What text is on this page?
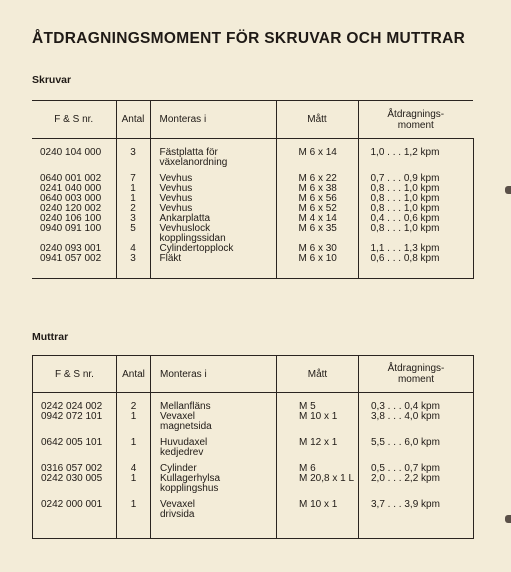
ÅTDRAGNINGSMOMENT FÖR SKRUVAR OCH MUTTRAR
Skruvar
F & S nr.	Antal	Monteras i	Mått	Åtdragnings-
moment

0240 104 000	3	Fästplatta för	M 6 x 14	1,0 . . . 1,2 kpm
		växelanordning		

0640 001 002	7	Vevhus	M 6 x 22	0,7 . . . 0,9 kpm
0241 040 000	1	Vevhus	M 6 x 38	0,8 . . . 1,0 kpm
0640 003 000	1	Vevhus	M 6 x 56	0,8 . . . 1,0 kpm
0240 120 002	2	Vevhus	M 6 x 52	0,8 . . . 1,0 kpm
0240 106 100	3	Ankarplatta	M 4 x 14	0,4 . . . 0,6 kpm
0940 091 100	5	Vevhuslock	M 6 x 35	0,8 . . . 1,0 kpm
		kopplingssidan		
0240 093 001	4	Cylindertopplock	M 6 x 30	1,1 . . . 1,3 kpm
0941 057 002	3	Fläkt	M 6 x 10	0,6 . . . 0,8 kpm

Muttrar
F & S nr.	Antal	Monteras i	Mått	Åtdragnings-
moment

0242 024 002	2	Mellanfläns	M 5	0,3 . . . 0,4 kpm
0942 072 101	1	Vevaxel	M 10 x 1	3,8 . . . 4,0 kpm
		magnetsida		

0642 005 101	1	Huvudaxel	M 12 x 1	5,5 . . . 6,0 kpm
		kedjedrev		

0316 057 002	4	Cylinder	M 6	0,5 . . . 0,7 kpm
0242 030 005	1	Kullagerhylsa	M 20,8 x 1 L	2,0 . . . 2,2 kpm
		kopplingshus		

0242 000 001	1	Vevaxel	M 10 x 1	3,7 . . . 3,9 kpm
		drivsida		
